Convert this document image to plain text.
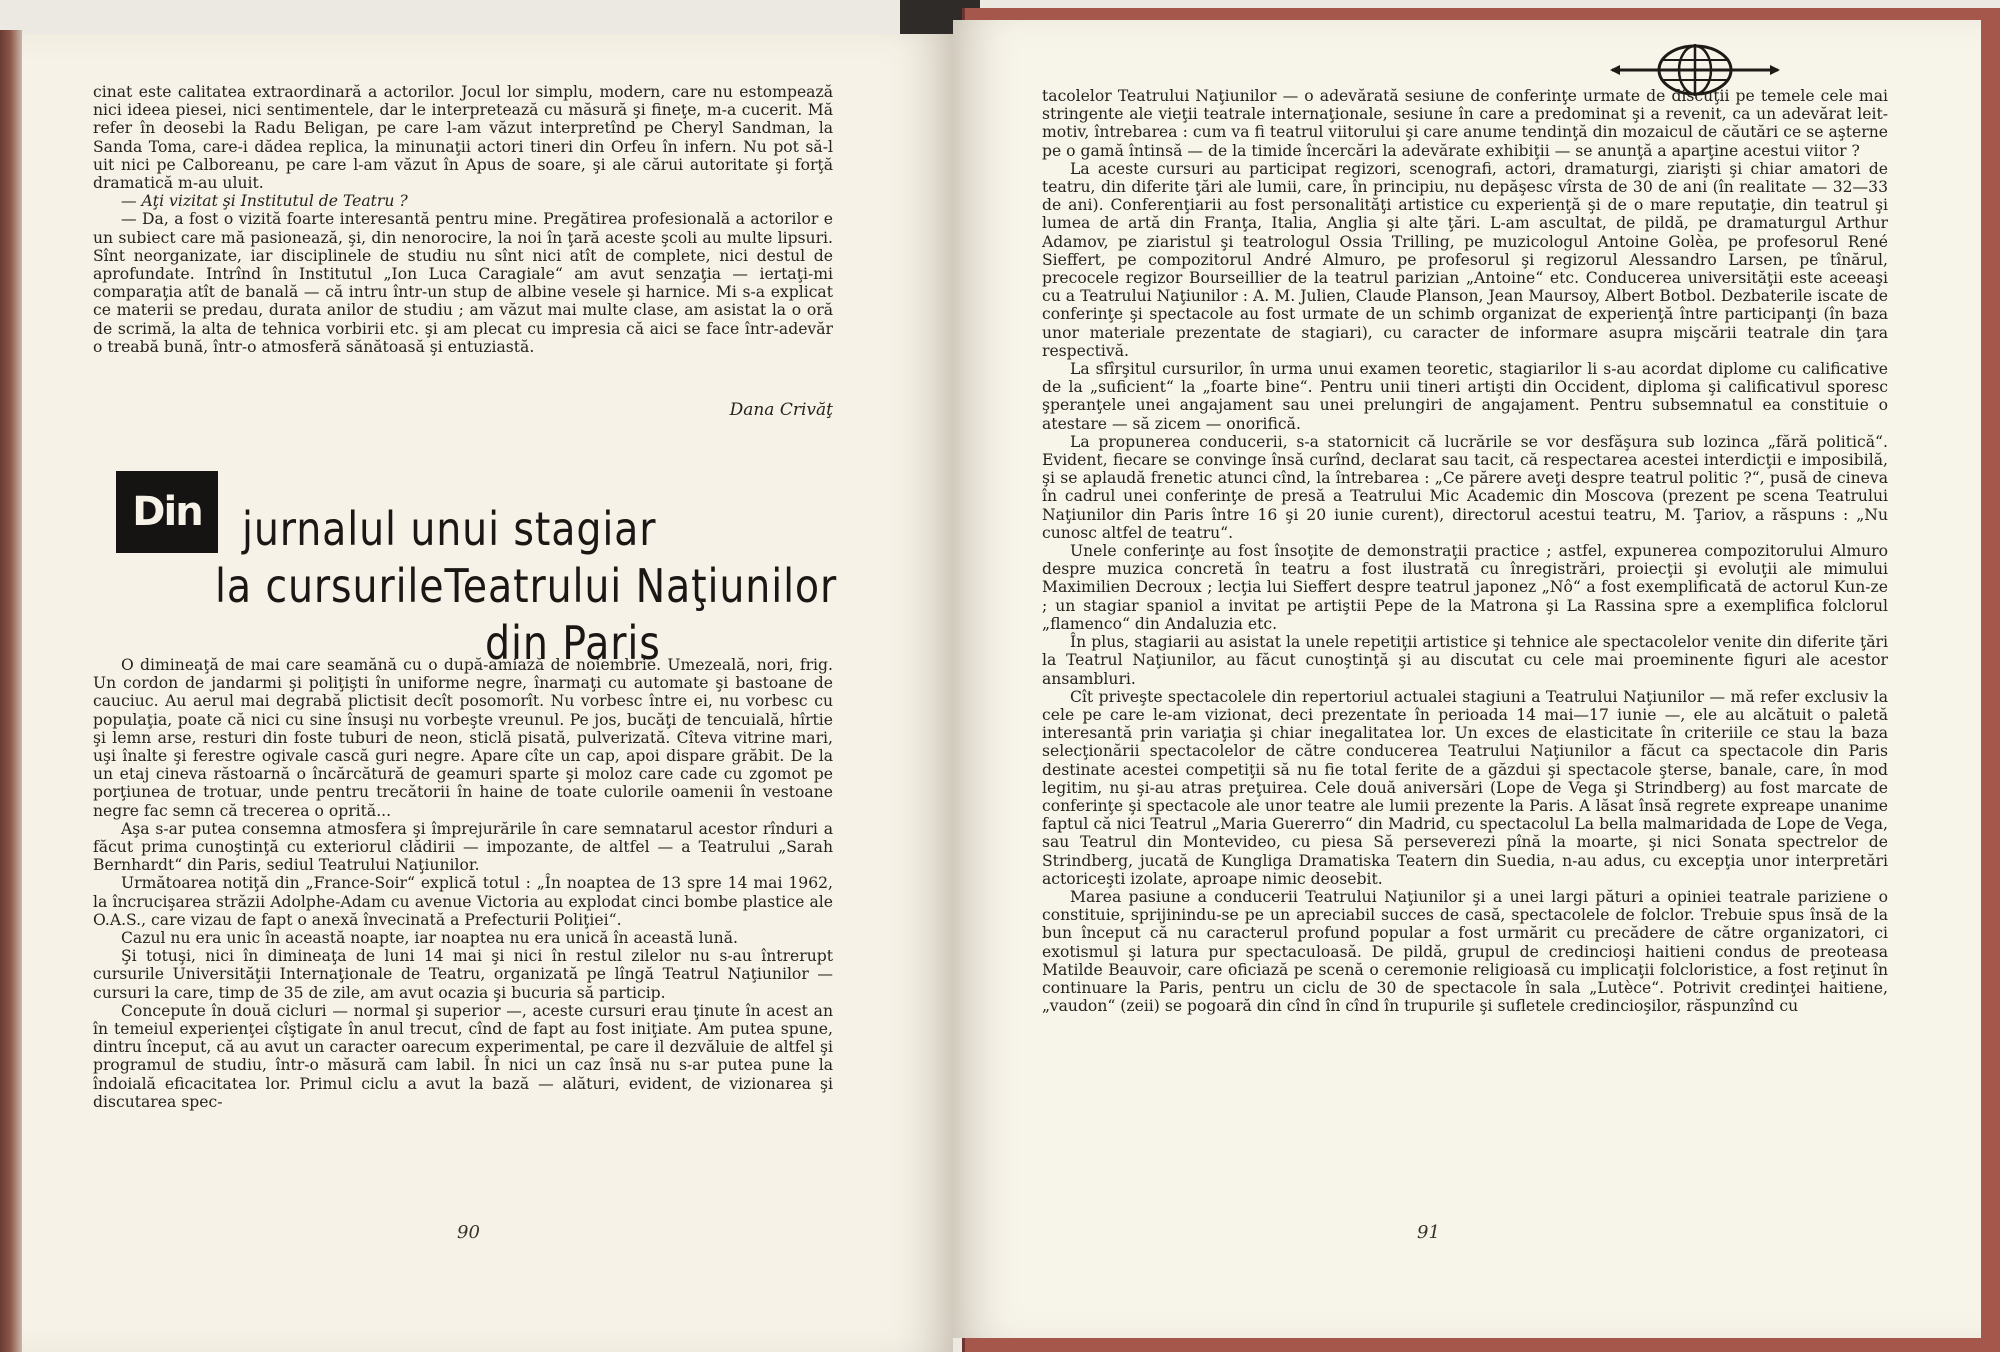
cinat este calitatea extraordinară a actorilor. Jocul lor simplu, modern, care nu estompează nici ideea piesei, nici sentimentele, dar le interpretează cu măsură şi fineţe, m-a cucerit. Mă refer în deosebi la Radu Beligan, pe care l-am văzut interpretînd pe Cheryl Sandman, la Sanda Toma, care-i dădea replica, la minunaţii actori tineri din Orfeu în infern. Nu pot să-l uit nici pe Calboreanu, pe care l-am văzut în Apus de soare, şi ale cărui autoritate şi forţă dramatică m-au uluit.

— Aţi vizitat şi Institutul de Teatru ?

— Da, a fost o vizită foarte interesantă pentru mine. Pregătirea profesională a actorilor e un subiect care mă pasionează, şi, din nenorocire, la noi în ţară aceste şcoli au multe lipsuri. Sînt neorganizate, iar disciplinele de studiu nu sînt nici atît de complete, nici destul de aprofundate. Intrînd în Institutul „Ion Luca Caragiale“ am avut senzaţia — iertaţi-mi comparaţia atît de banală — că intru într-un stup de albine vesele şi harnice. Mi s-a explicat ce materii se predau, durata anilor de studiu ; am văzut mai multe clase, am asistat la o oră de scrimă, la alta de tehnica vorbirii etc. şi am plecat cu impresia că aici se face într-adevăr o treabă bună, într-o atmosferă sănătoasă şi entuziastă.

Dana Crivăţ
Din jurnalul unui stagiar
la cursurileTeatrului Naţiunilor
din Paris

O dimineaţă de mai care seamănă cu o după-amiază de noiembrie. Umezeală, nori, frig. Un cordon de jandarmi şi poliţişti în uniforme negre, înarmaţi cu automate şi bastoane de cauciuc. Au aerul mai degrabă plictisit decît posomorît. Nu vorbesc între ei, nu vorbesc cu populaţia, poate că nici cu sine însuşi nu vorbeşte vreunul. Pe jos, bucăţi de tencuială, hîrtie şi lemn arse, resturi din foste tuburi de neon, sticlă pisată, pulverizată. Cîteva vitrine mari, uşi înalte şi ferestre ogivale cască guri negre. Apare cîte un cap, apoi dispare grăbit. De la un etaj cineva răstoarnă o încărcătură de geamuri sparte şi moloz care cade cu zgomot pe porţiunea de trotuar, unde pentru trecătorii în haine de toate culorile oamenii în vestoane negre fac semn că trecerea o oprită...

Aşa s-ar putea consemna atmosfera şi împrejurările în care semnatarul acestor rînduri a făcut prima cunoştinţă cu exteriorul clădirii — impozante, de altfel — a Teatrului „Sarah Bernhardt“ din Paris, sediul Teatrului Naţiunilor.

Următoarea notiţă din „France-Soir“ explică totul : „În noaptea de 13 spre 14 mai 1962, la încrucişarea străzii Adolphe-Adam cu avenue Victoria au explodat cinci bombe plastice ale O.A.S., care vizau de fapt o anexă învecinată a Prefecturii Poliţiei“.

Cazul nu era unic în această noapte, iar noaptea nu era unică în această lună.

Şi totuşi, nici în dimineaţa de luni 14 mai şi nici în restul zilelor nu s-au întrerupt cursurile Universităţii Internaţionale de Teatru, organizată pe lîngă Teatrul Naţiunilor — cursuri la care, timp de 35 de zile, am avut ocazia şi bucuria să particip.

Concepute în două cicluri — normal şi superior —, aceste cursuri erau ţinute în acest an în temeiul experienţei cîştigate în anul trecut, cînd de fapt au fost iniţiate. Am putea spune, dintru început, că au avut un caracter oarecum experimental, pe care il dezvăluie de altfel şi programul de studiu, într-o măsură cam labil. În nici un caz însă nu s-ar putea pune la îndoială eficacitatea lor. Primul ciclu a avut la bază — alături, evident, de vizionarea şi discutarea spec-

90

tacolelor Teatrului Naţiunilor — o adevărată sesiune de conferinţe urmate de discuţii pe temele cele mai stringente ale vieţii teatrale internaţionale, sesiune în care a predominat şi a revenit, ca un adevărat leit-motiv, întrebarea : cum va fi teatrul viitorului şi care anume tendinţă din mozaicul de căutări ce se aşterne pe o gamă întinsă — de la timide încercări la adevărate exhibiţii — se anunţă a aparţine acestui viitor ?

La aceste cursuri au participat regizori, scenografi, actori, dramaturgi, ziarişti şi chiar amatori de teatru, din diferite ţări ale lumii, care, în principiu, nu depăşesc vîrsta de 30 de ani (în realitate — 32—33 de ani). Conferenţiarii au fost personalităţi artistice cu experienţă şi de o mare reputaţie, din teatrul şi lumea de artă din Franţa, Italia, Anglia şi alte ţări. L-am ascultat, de pildă, pe dramaturgul Arthur Adamov, pe ziaristul şi teatrologul Ossia Trilling, pe muzicologul Antoine Golèa, pe profesorul René Sieffert, pe compozitorul André Almuro, pe profesorul şi regizorul Alessandro Larsen, pe tînărul, precocele regizor Bourseillier de la teatrul parizian „Antoine“ etc. Conducerea universităţii este aceeaşi cu a Teatrului Naţiunilor : A. M. Julien, Claude Planson, Jean Maursoy, Albert Botbol. Dezbaterile iscate de conferinţe şi spectacole au fost urmate de un schimb organizat de experienţă între participanţi (în baza unor materiale prezentate de stagiari), cu caracter de informare asupra mişcării teatrale din ţara respectivă.

La sfîrşitul cursurilor, în urma unui examen teoretic, stagiarilor li s-au acordat diplome cu calificative de la „suficient“ la „foarte bine“. Pentru unii tineri artişti din Occident, diploma şi calificativul sporesc şperanţele unei angajament sau unei prelungiri de angajament. Pentru subsemnatul ea constituie o atestare — să zicem — onorifică.

La propunerea conducerii, s-a statornicit că lucrările se vor desfăşura sub lozinca „fără politică“. Evident, fiecare se convinge însă curînd, declarat sau tacit, că respectarea acestei interdicţii e imposibilă, şi se aplaudă frenetic atunci cînd, la întrebarea : „Ce părere aveţi despre teatrul politic ?“, pusă de cineva în cadrul unei conferinţe de presă a Teatrului Mic Academic din Moscova (prezent pe scena Teatrului Naţiunilor din Paris între 16 şi 20 iunie curent), directorul acestui teatru, M. Ţariov, a răspuns : „Nu cunosc altfel de teatru“.

Unele conferinţe au fost însoţite de demonstraţii practice ; astfel, expunerea compozitorului Almuro despre muzica concretă în teatru a fost ilustrată cu înregistrări, proiecţii şi evoluţii ale mimului Maximilien Decroux ; lecţia lui Sieffert despre teatrul japonez „Nô“ a fost exemplificată de actorul Kun-ze ; un stagiar spaniol a invitat pe artiştii Pepe de la Matrona şi La Rassina spre a exemplifica folclorul „flamenco“ din Andaluzia etc.

În plus, stagiarii au asistat la unele repetiţii artistice şi tehnice ale spectacolelor venite din diferite ţări la Teatrul Naţiunilor, au făcut cunoştinţă şi au discutat cu cele mai proeminente figuri ale acestor ansambluri.

Cît priveşte spectacolele din repertoriul actualei stagiuni a Teatrului Naţiunilor — mă refer exclusiv la cele pe care le-am vizionat, deci prezentate în perioada 14 mai—17 iunie —, ele au alcătuit o paletă interesantă prin variaţia şi chiar inegalitatea lor. Un exces de elasticitate în criteriile ce stau la baza selecţionării spectacolelor de către conducerea Teatrului Naţiunilor a făcut ca spectacole din Paris destinate acestei competiţii să nu fie total ferite de a găzdui şi spectacole şterse, banale, care, în mod legitim, nu şi-au atras preţuirea. Cele două aniversări (Lope de Vega şi Strindberg) au fost marcate de conferinţe şi spectacole ale unor teatre ale lumii prezente la Paris. A lăsat însă regrete expreape unanime faptul că nici Teatrul „Maria Guererro“ din Madrid, cu spectacolul La bella malmaridada de Lope de Vega, sau Teatrul din Montevideo, cu piesa Să perseverezi pînă la moarte, şi nici Sonata spectrelor de Strindberg, jucată de Kungliga Dramatiska Teatern din Suedia, n-au adus, cu excepţia unor interpretări actoriceşti izolate, aproape nimic deosebit.

Marea pasiune a conducerii Teatrului Naţiunilor şi a unei largi pături a opiniei teatrale pariziene o constituie, sprijinindu-se pe un apreciabil succes de casă, spectacolele de folclor. Trebuie spus însă de la bun început că nu caracterul profund popular a fost urmărit cu precădere de către organizatori, ci exotismul şi latura pur spectaculoasă. De pildă, grupul de credincioşi haitieni condus de preoteasa Matilde Beauvoir, care oficiază pe scenă o ceremonie religioasă cu implicaţii folcloristice, a fost reţinut în continuare la Paris, pentru un ciclu de 30 de spectacole în sala „Lutèce“. Potrivit credinţei haitiene, „vaudon“ (zeii) se pogoară din cînd în cînd în trupurile şi sufletele credincioşilor, răspunzînd cu

91
